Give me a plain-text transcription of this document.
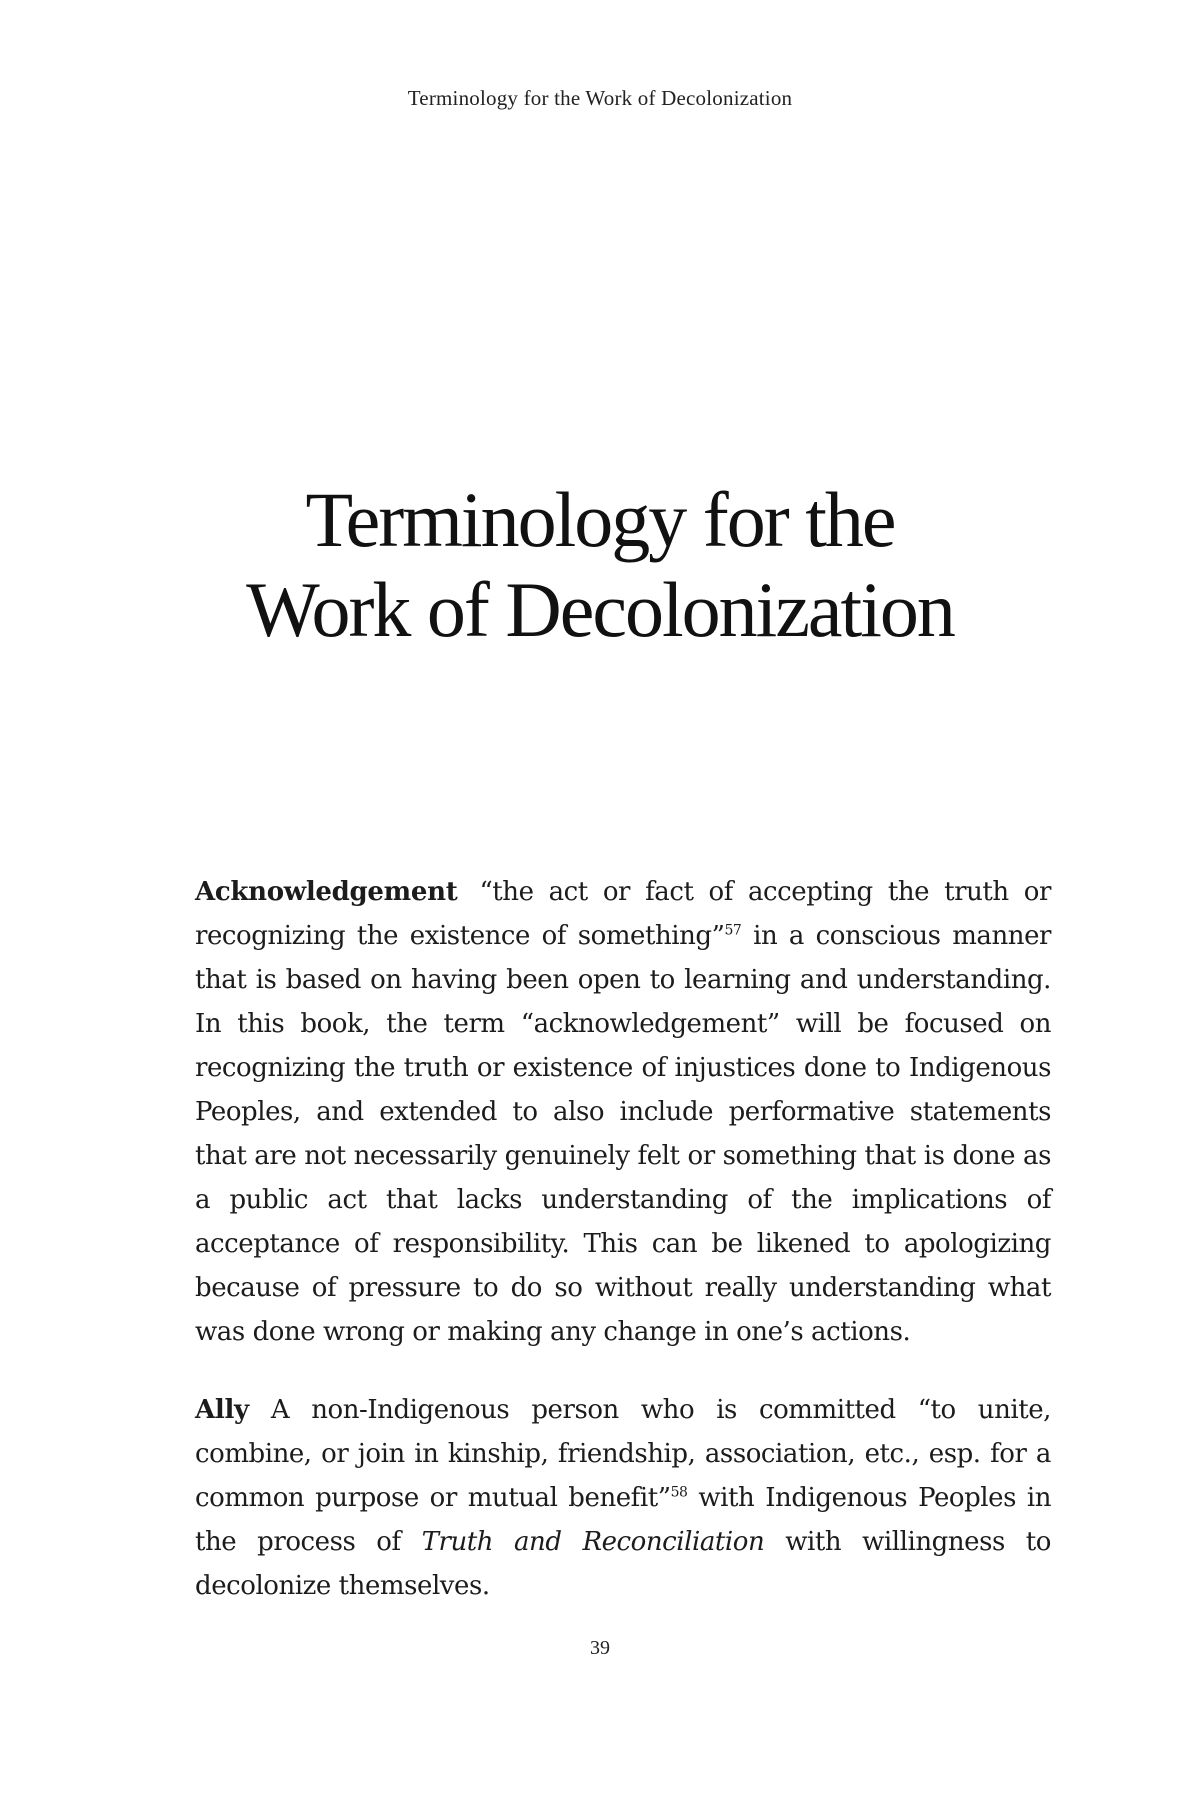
Terminology for the Work of Decolonization
Terminology for the
Work of Decolonization

Acknowledgement “the act or fact of accepting the truth or recognizing the existence of something”$^{57}$ in a conscious manner that is based on having been open to learning and understanding. In this book, the term “acknowledgement” will be focused on recognizing the truth or existence of injustices done to Indigenous Peoples, and extended to also include performative statements that are not necessarily genuinely felt or something that is done as a public act that lacks understanding of the implications of acceptance of responsibility. This can be likened to apologizing because of pressure to do so without really understanding what was done wrong or making any change in one’s actions.

Ally A non-Indigenous person who is committed “to unite, combine, or join in kinship, friendship, association, etc., esp. for a common purpose or mutual benefit”$^{58}$ with Indigenous Peoples in the process of Truth and Reconciliation with willingness to decolonize themselves.

39
